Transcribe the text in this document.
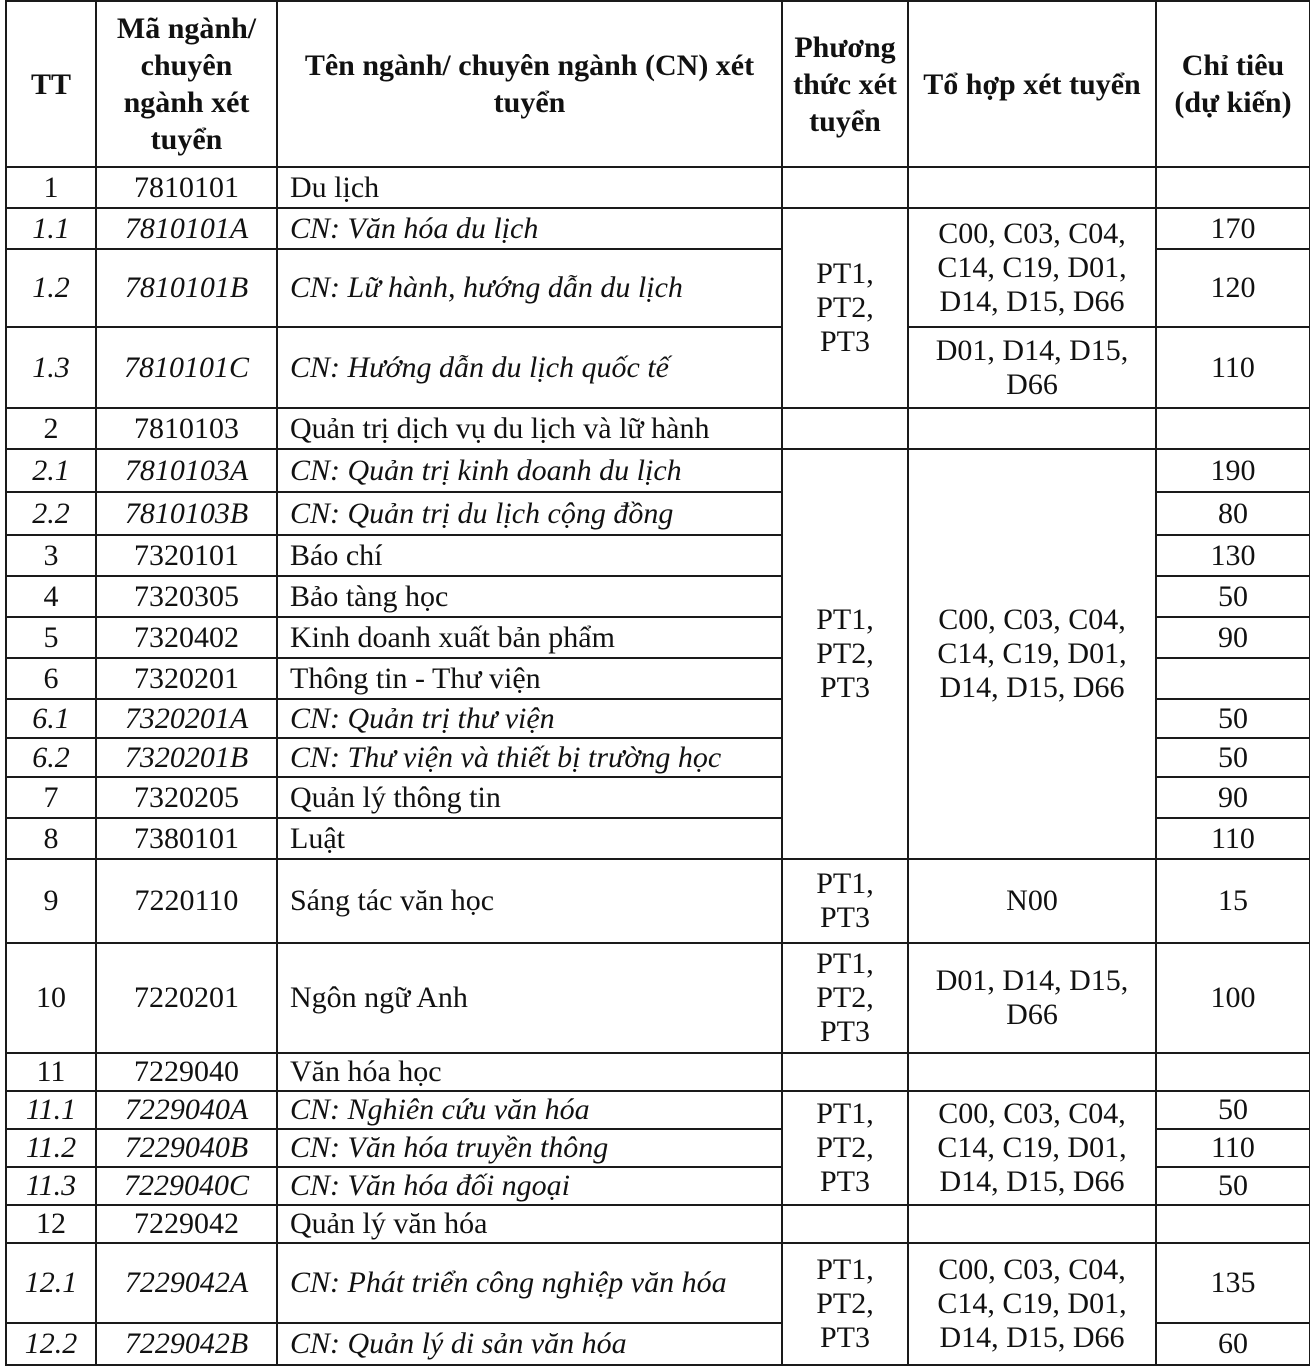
TT	Mã ngành/ chuyên ngành xét tuyển	Tên ngành/ chuyên ngành (CN) xét tuyển	Phương thức xét tuyển	Tổ hợp xét tuyển	Chỉ tiêu (dự kiến)
1	7810101	Du lịch			
1.1	7810101A	CN: Văn hóa du lịch	PT1, PT2, PT3	C00, C03, C04, C14, C19, D01, D14, D15, D66	170
1.2	7810101B	CN: Lữ hành, hướng dẫn du lịch			120
1.3	7810101C	CN: Hướng dẫn du lịch quốc tế		D01, D14, D15, D66	110
2	7810103	Quản trị dịch vụ du lịch và lữ hành			
2.1	7810103A	CN: Quản trị kinh doanh du lịch	PT1, PT2, PT3	C00, C03, C04, C14, C19, D01, D14, D15, D66	190
2.2	7810103B	CN: Quản trị du lịch cộng đồng			80
3	7320101	Báo chí			130
4	7320305	Bảo tàng học			50
5	7320402	Kinh doanh xuất bản phẩm			90
6	7320201	Thông tin - Thư viện			
6.1	7320201A	CN: Quản trị thư viện			50
6.2	7320201B	CN: Thư viện và thiết bị trường học			50
7	7320205	Quản lý thông tin			90
8	7380101	Luật			110
9	7220110	Sáng tác văn học	PT1, PT3	N00	15
10	7220201	Ngôn ngữ Anh	PT1, PT2, PT3	D01, D14, D15, D66	100
11	7229040	Văn hóa học			
11.1	7229040A	CN: Nghiên cứu văn hóa	PT1, PT2, PT3	C00, C03, C04, C14, C19, D01, D14, D15, D66	50
11.2	7229040B	CN: Văn hóa truyền thông			110
11.3	7229040C	CN: Văn hóa đối ngoại			50
12	7229042	Quản lý văn hóa			
12.1	7229042A	CN: Phát triển công nghiệp văn hóa	PT1, PT2, PT3	C00, C03, C04, C14, C19, D01, D14, D15, D66	135
12.2	7229042B	CN: Quản lý di sản văn hóa			60
